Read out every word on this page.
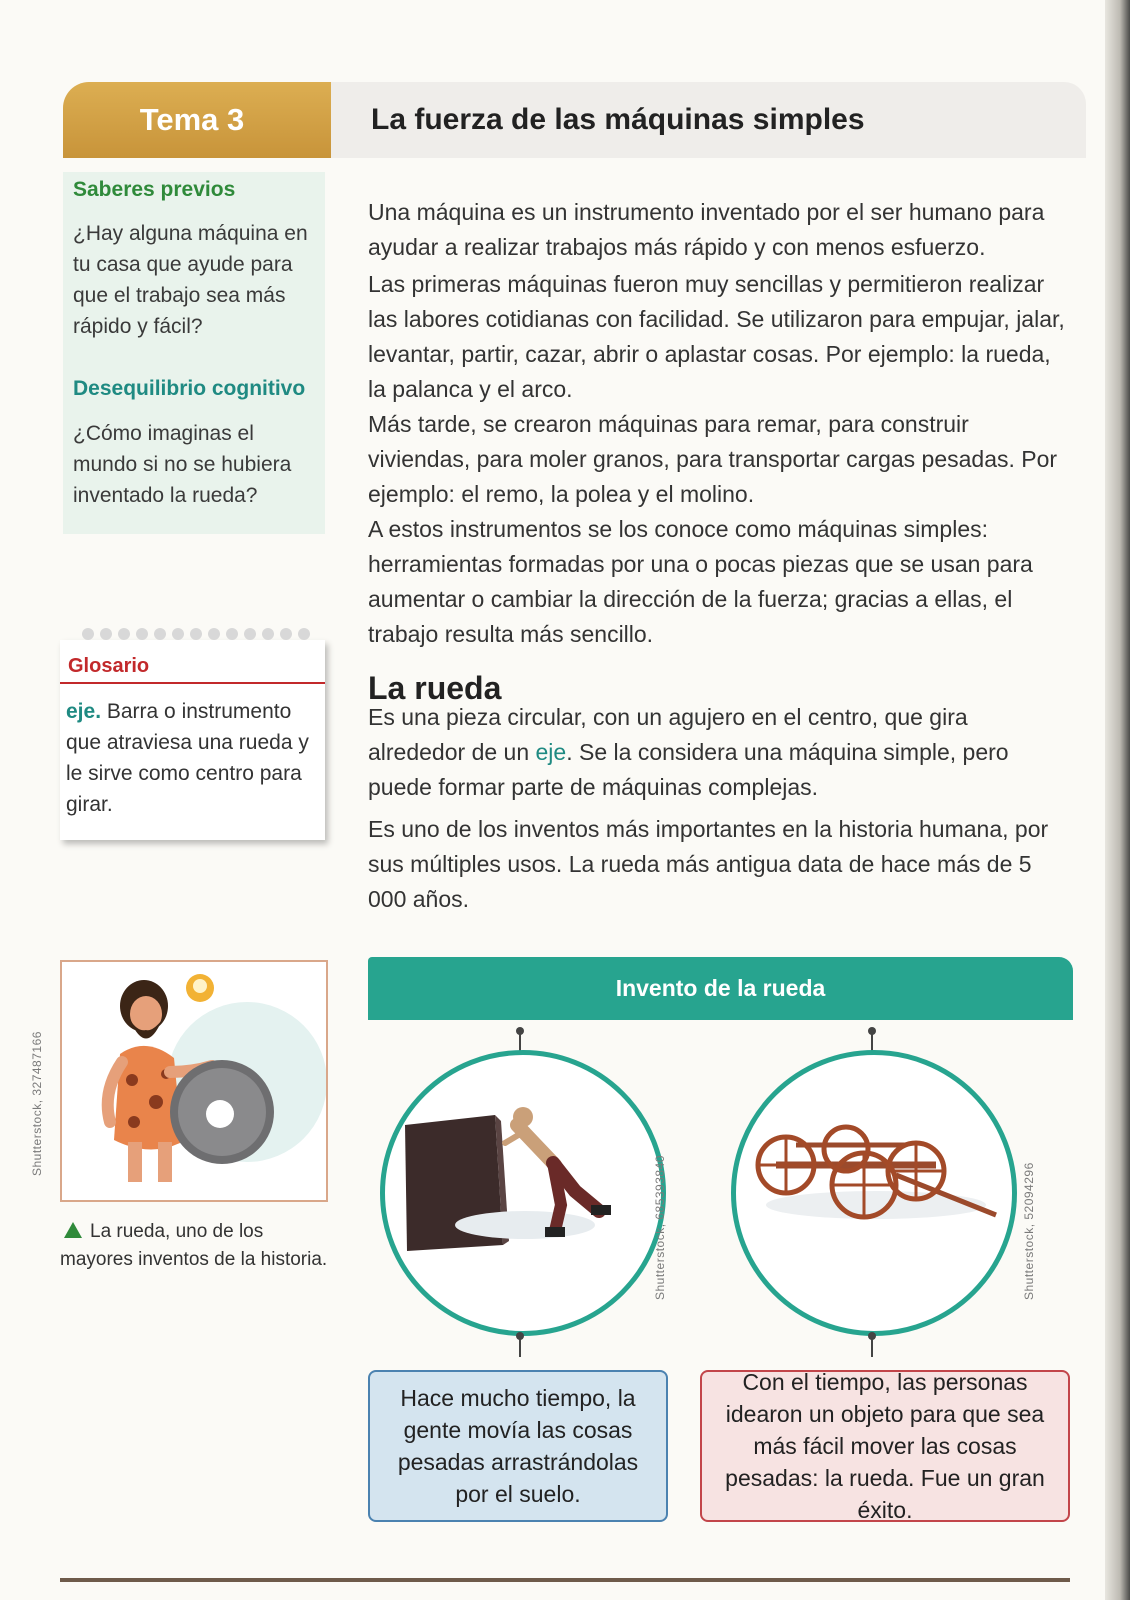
Tema 3	La fuerza de las máquinas simples
Saberes previos
¿Hay alguna máquina en tu casa que ayude para que el trabajo sea más rápido y fácil?
Desequilibrio cognitivo
¿Cómo imaginas el mundo si no se hubiera inventado la rueda?
Glosario
eje. Barra o instrumento que atraviesa una rueda y le sirve como centro para girar.
Shutterstock, 327487166
La rueda, uno de los mayores inventos de la historia.
Una máquina es un instrumento inventado por el ser humano para ayudar a realizar trabajos más rápido y con menos esfuerzo.
Las primeras máquinas fueron muy sencillas y permitieron realizar las labores cotidianas con facilidad. Se utilizaron para empujar, jalar, levantar, partir, cazar, abrir o aplastar cosas. Por ejemplo: la rueda, la palanca y el arco.
Más tarde, se crearon máquinas para remar, para construir viviendas, para moler granos, para transportar cargas pesadas. Por ejemplo: el remo, la polea y el molino.
A estos instrumentos se los conoce como máquinas simples: herramientas formadas por una o pocas piezas que se usan para aumentar o cambiar la dirección de la fuerza; gracias a ellas, el trabajo resulta más sencillo.
La rueda
Es una pieza circular, con un agujero en el centro, que gira alrededor de un eje. Se la considera una máquina simple, pero puede formar parte de máquinas complejas.
Es uno de los inventos más importantes en la historia humana, por sus múltiples usos. La rueda más antigua data de hace más de 5 000 años.
Invento de la rueda
Shutterstock, 685393840	Shutterstock, 52094296
Hace mucho tiempo, la gente movía las cosas pesadas arrastrándolas por el suelo.
Con el tiempo, las personas idearon un objeto para que sea más fácil mover las cosas pesadas: la rueda. Fue un gran éxito.
